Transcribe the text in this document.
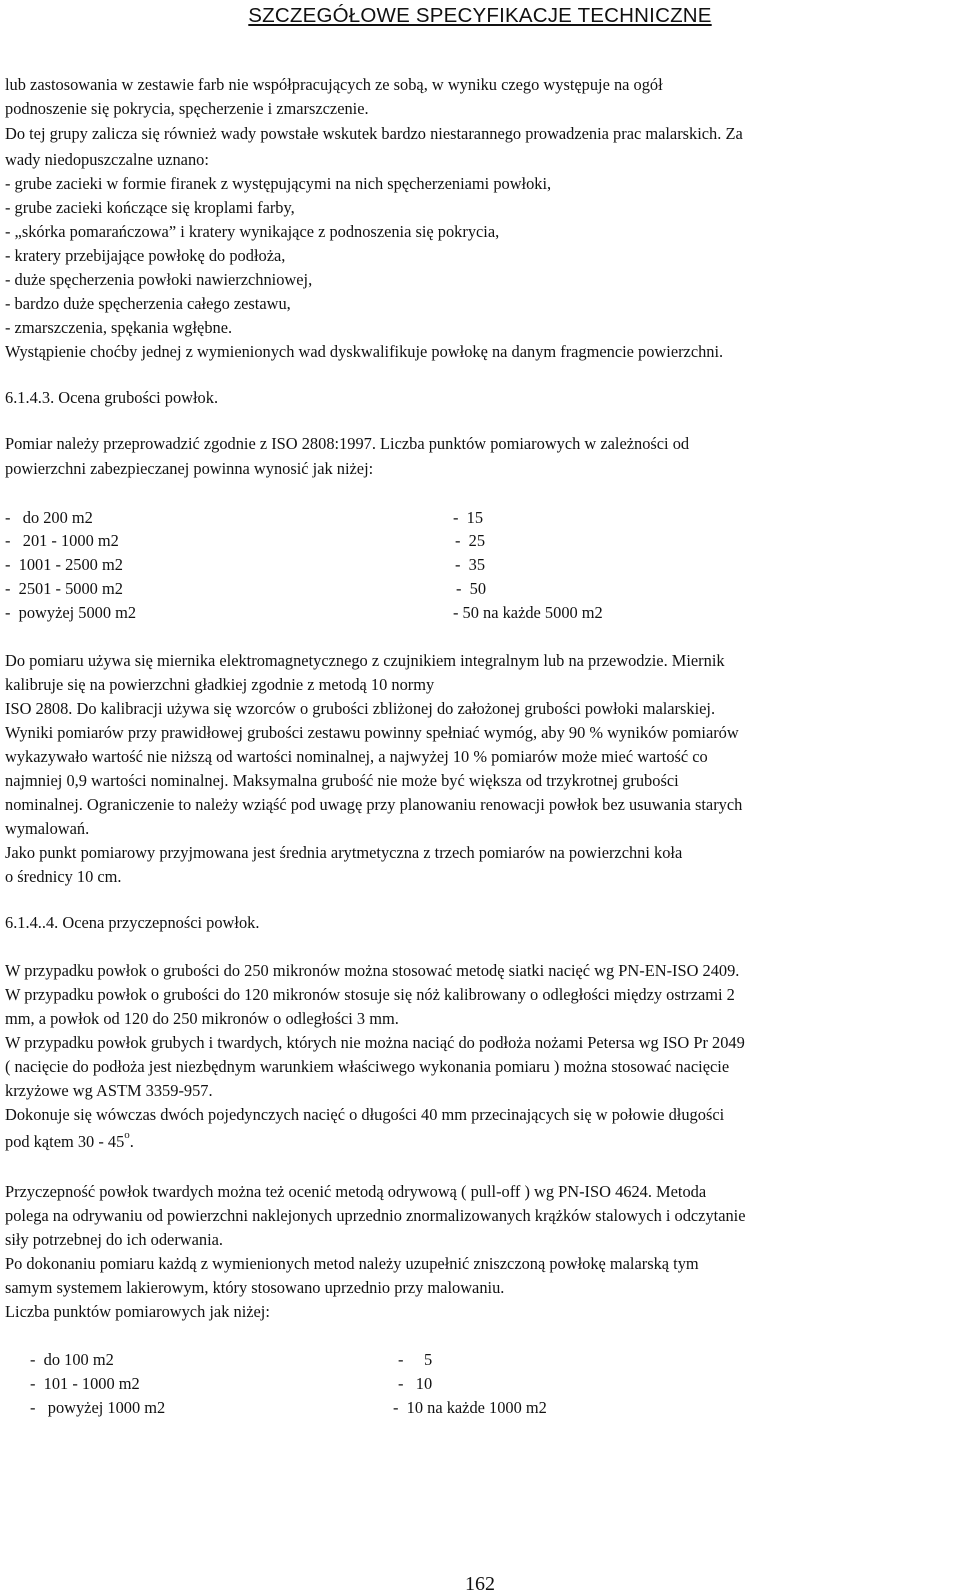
SZCZEGÓŁOWE SPECYFIKACJE TECHNICZNE
lub zastosowania w zestawie farb nie współpracujących ze sobą, w wyniku czego występuje na ogół
podnoszenie się pokrycia, spęcherzenie i zmarszczenie.
Do tej grupy zalicza się również wady powstałe wskutek bardzo niestarannego prowadzenia prac malarskich. Za
wady niedopuszczalne uznano:
- grube zacieki w formie firanek z występującymi na nich spęcherzeniami powłoki,
- grube zacieki kończące się kroplami farby,
- „skórka pomarańczowa” i kratery wynikające z podnoszenia się pokrycia,
- kratery przebijające powłokę do podłoża,
- duże spęcherzenia powłoki nawierzchniowej,
- bardzo duże spęcherzenia całego zestawu,
- zmarszczenia, spękania wgłębne.
Wystąpienie choćby jednej z wymienionych wad dyskwalifikuje powłokę na danym fragmencie powierzchni.
6.1.4.3. Ocena grubości powłok.
Pomiar należy przeprowadzić zgodnie z ISO 2808:1997. Liczba punktów pomiarowych w zależności od
powierzchni zabezpieczanej powinna wynosić jak niżej:
-   do 200 m2	-  15
-   201 - 1000 m2	-  25
-  1001 - 2500 m2	-  35
-  2501 - 5000 m2	-  50
-  powyżej 5000 m2	- 50 na każde 5000 m2
Do pomiaru używa się miernika elektromagnetycznego z czujnikiem integralnym lub na przewodzie. Miernik
kalibruje się na powierzchni gładkiej zgodnie z metodą 10 normy
ISO 2808. Do kalibracji używa się wzorców o grubości zbliżonej do założonej grubości powłoki malarskiej.
Wyniki pomiarów przy prawidłowej grubości zestawu powinny spełniać wymóg, aby 90 % wyników pomiarów
wykazywało wartość nie niższą od wartości nominalnej, a najwyżej 10 % pomiarów może mieć wartość co
najmniej 0,9 wartości nominalnej. Maksymalna grubość nie może być większa od trzykrotnej grubości
nominalnej. Ograniczenie to należy wziąść pod uwagę przy planowaniu renowacji powłok bez usuwania starych
wymalowań.
Jako punkt pomiarowy przyjmowana jest średnia arytmetyczna z trzech pomiarów na powierzchni koła
o średnicy 10 cm.
6.1.4..4. Ocena przyczepności powłok.
W przypadku powłok o grubości do 250 mikronów można stosować metodę siatki nacięć wg PN-EN-ISO 2409.
W przypadku powłok o grubości do 120 mikronów stosuje się nóż kalibrowany o odległości między ostrzami 2
mm, a powłok od 120 do 250 mikronów o odległości 3 mm.
W przypadku powłok grubych i twardych, których nie można naciąć do podłoża nożami Petersa wg ISO Pr 2049
( nacięcie do podłoża jest niezbędnym warunkiem właściwego wykonania pomiaru ) można stosować nacięcie
krzyżowe wg ASTM 3359-957.
Dokonuje się wówczas dwóch pojedynczych nacięć o długości 40 mm przecinających się w połowie długości
pod kątem 30 - 45$^o$.
Przyczepność powłok twardych można też ocenić metodą odrywową ( pull-off ) wg PN-ISO 4624. Metoda
polega na odrywaniu od powierzchni naklejonych uprzednio znormalizowanych krążków stalowych i odczytanie
siły potrzebnej do ich oderwania.
Po dokonaniu pomiaru każdą z wymienionych metod należy uzupełnić zniszczoną powłokę malarską tym
samym systemem lakierowym, który stosowano uprzednio przy malowaniu.
Liczba punktów pomiarowych jak niżej:
-  do 100 m2	-     5
-  101 - 1000 m2	-   10
-   powyżej 1000 m2	-  10 na każde 1000 m2
162
